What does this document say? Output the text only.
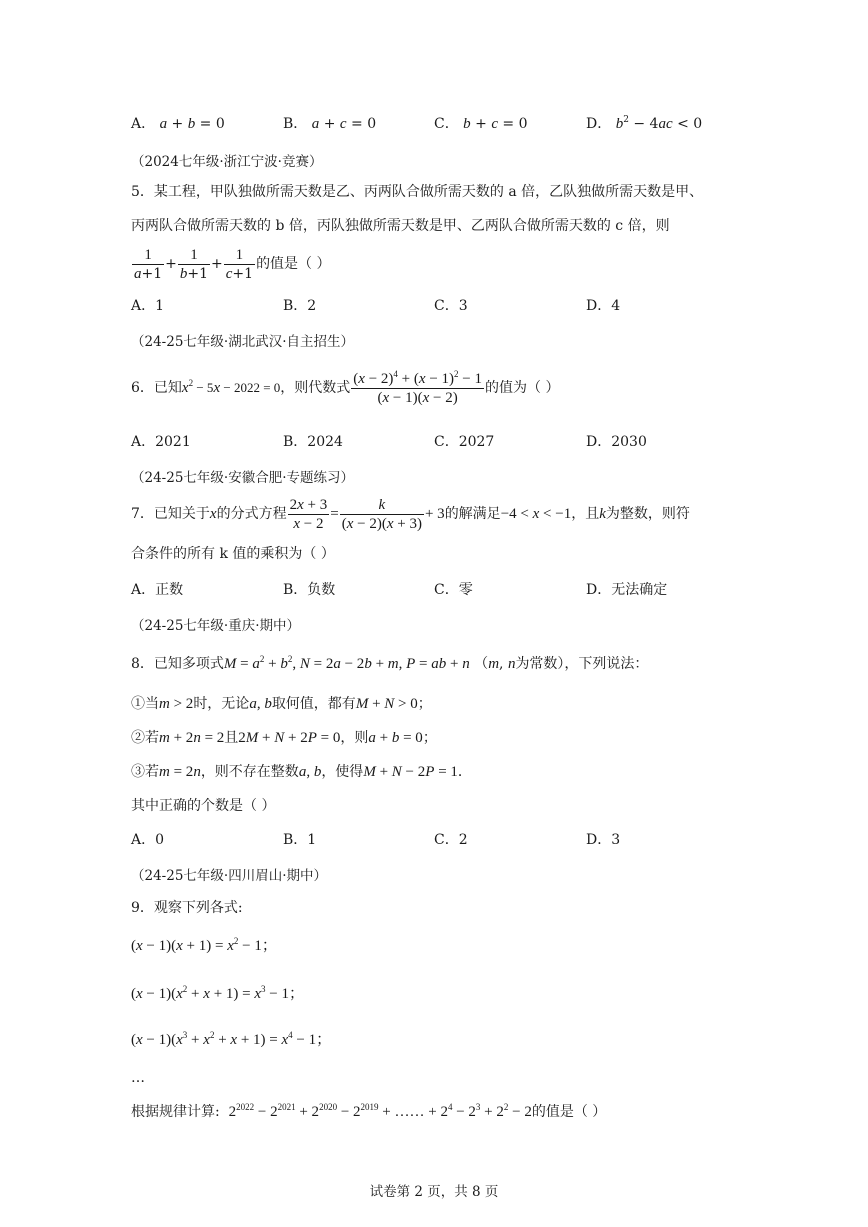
A． a + b = 0	B． a + c = 0	C． b + c = 0	D． $b^2 - 4ac < 0$
（2024七年级·浙江宁波·竞赛）
5．某工程，甲队独做所需天数是乙、丙两队合做所需天数的 a 倍，乙队独做所需天数是甲、
丙两队合做所需天数的 b 倍，丙队独做所需天数是甲、乙两队合做所需天数的 c 倍，则
$\frac{1}{a+1} + \frac{1}{b+1} + \frac{1}{c+1}$ 的值是（ ）
A．1	B．2	C．3	D．4
（24-25七年级·湖北武汉·自主招生）
6．已知$x^2 - 5x - 2022 = 0$，则代数式 $\frac{(x - 2)^4 + (x - 1)^2 - 1}{(x - 1)(x - 2)}$ 的值为（ ）
A．2021	B．2024	C．2027	D．2030
（24-25七年级·安徽合肥·专题练习）
7．已知关于x的分式方程 $\frac{2x + 3}{x - 2} = \frac{k}{(x - 2)(x + 3)} + 3$的解满足−4 < x < −1，且k为整数，则符
合条件的所有 k 值的乘积为（ ）
A．正数	B．负数	C．零	D．无法确定
（24-25七年级·重庆·期中）
8．已知多项式$M = a^2 + b^2$, N = 2a − 2b + m, P = ab + n （m, n为常数），下列说法：
①当m > 2时，无论a, b取何值，都有M + N > 0；
②若m + 2n = 2且2M + N + 2P = 0，则a + b = 0；
③若m = 2n，则不存在整数a, b，使得M + N − 2P = 1．
其中正确的个数是（ ）
A．0	B．1	C．2	D．3
（24-25七年级·四川眉山·期中）
9．观察下列各式:
$(x - 1)(x + 1) = x^2 - 1$；
$(x - 1)(x^2 + x + 1) = x^3 - 1$；
$(x - 1)(x^3 + x^2 + x + 1) = x^4 - 1$；
…
根据规律计算: $2^{2022} - 2^{2021} + 2^{2020} - 2^{2019}$ + …… + $2^4 - 2^3 + 2^2 - 2$的值是（ ）
试卷第 2 页，共 8 页
